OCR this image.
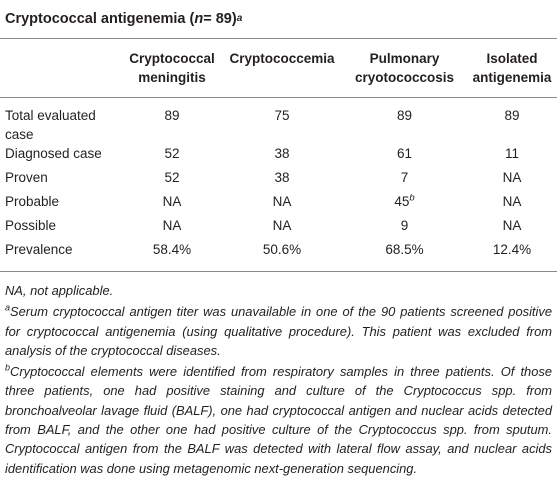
Cryptococcal antigenemia ( n = 89) a
	Cryptococcal meningitis	Cryptococcemia	Pulmonary cryotococcosis	Isolated antigenemia
Total evaluated case	89	75	89	89
Diagnosed case	52	38	61	11
Proven	52	38	7	NA
Probable	NA	NA	45$^b$	NA
Possible	NA	NA	9	NA
Prevalence	58.4%	50.6%	68.5%	12.4%

NA, not applicable.

$^a$Serum cryptococcal antigen titer was unavailable in one of the 90 patients screened positive for cryptococcal antigenemia (using qualitative procedure). This patient was excluded from analysis of the cryptococcal diseases.

$^b$Cryptococcal elements were identified from respiratory samples in three patients. Of those three patients, one had positive staining and culture of the Cryptococcus spp. from bronchoalveolar lavage fluid (BALF), one had cryptococcal antigen and nuclear acids detected from BALF, and the other one had positive culture of the Cryptococcus spp. from sputum. Cryptococcal antigen from the BALF was detected with lateral flow assay, and nuclear acids identification was done using metagenomic next-generation sequencing.
